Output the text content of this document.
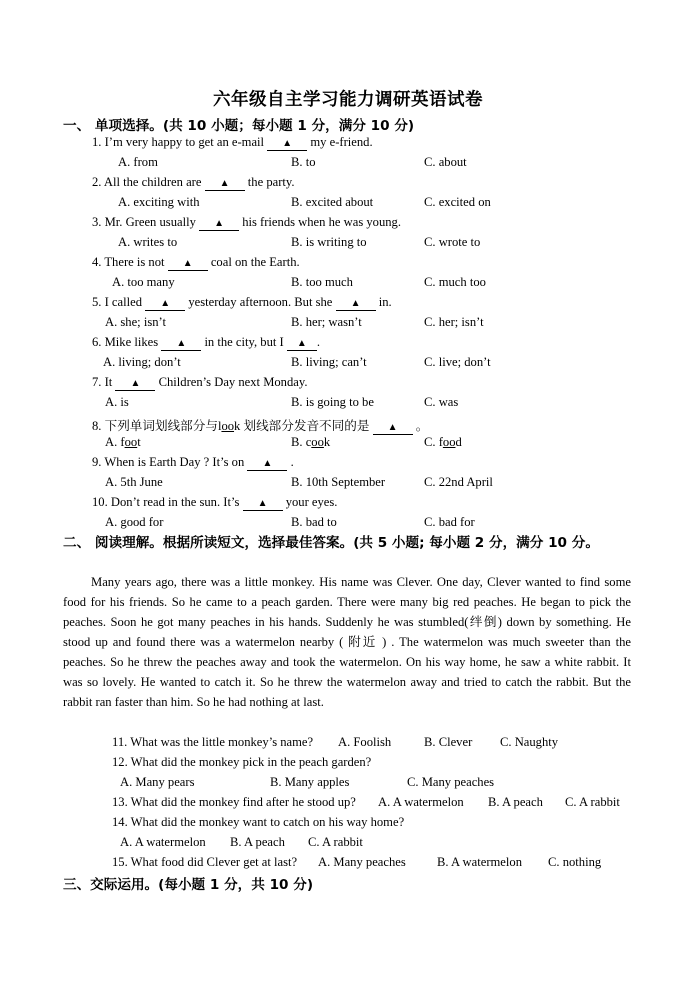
六年级自主学习能力调研英语试卷
一、 单项选择。(共 10 小题；每小题 1 分，满分 10 分)
1. I’m very happy to get an e-mail ▲ my e-friend.
A. from	B. to	C. about
2. All the children are ▲ the party.
A. exciting with	B. excited about	C. excited on
3. Mr. Green usually ▲ his friends when he was young.
A. writes to	B. is writing to	C. wrote to
4. There is not ▲ coal on the Earth.
A. too many	B. too much	C. much too
5. I called ▲ yesterday afternoon. But she ▲ in.
A. she; isn’t	B. her; wasn’t	C. her; isn’t
6. Mike likes ▲ in the city, but I ▲ .
A. living; don’t	B. living; can’t	C. live; don’t
7. It ▲ Children’s Day next Monday.
A. is	B. is going to be	C. was
8. 下列单词划线部分与look 划线部分发音不同的是 ▲ 。
A. foot	B. cook	C. food
9. When is Earth Day ? It’s on ▲ .
A. 5th June	B. 10th September	C. 22nd April
10. Don’t read in the sun. It’s ▲ your eyes.
A. good for	B. bad to	C. bad for
二、 阅读理解。根据所读短文，选择最佳答案。(共 5 小题; 每小题 2 分，满分 10 分。
Many years ago, there was a little monkey. His name was Clever. One day, Clever wanted to find some food for his friends. So he came to a peach garden. There were many big red peaches. He began to pick the peaches. Soon he got many peaches in his hands. Suddenly he was stumbled(绊倒) down by something. He stood up and found there was a watermelon nearby ( 附近 ) . The watermelon was much sweeter than the peaches. So he threw the peaches away and took the watermelon. On his way home, he saw a white rabbit. It was so lovely. He wanted to catch it. So he threw the watermelon away and tried to catch the rabbit. But the rabbit ran faster than him. So he had nothing at last.
11. What was the little monkey’s name? A. Foolish	B. Clever C. Naughty
12. What did the monkey pick in the peach garden?
A. Many pears	B. Many apples	C. Many peaches
13. What did the monkey find after he stood up? A. A watermelon B. A peach C. A rabbit
14. What did the monkey want to catch on his way home?
A. A watermelon B. A peach C. A rabbit
15. What food did Clever get at last? A. Many peaches B. A watermelon C. nothing
三、交际运用。(每小题 1 分，共 10 分)
